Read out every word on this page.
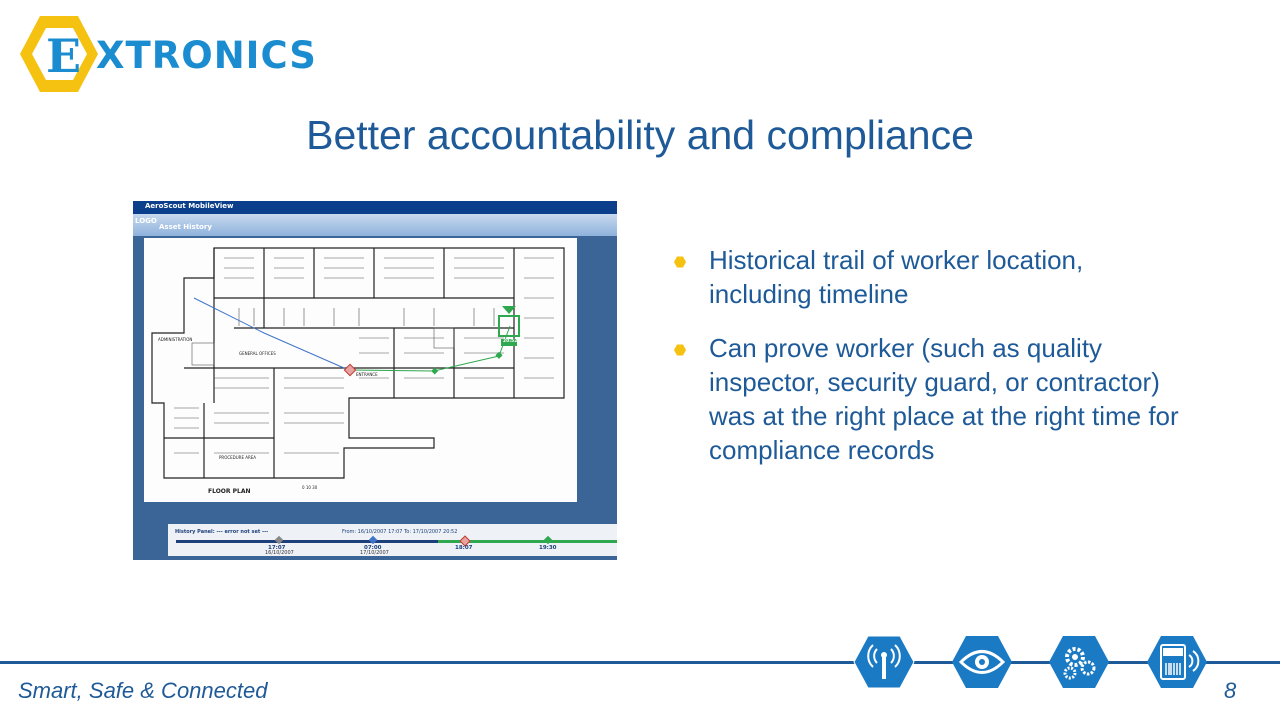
E XTRONICS
Better accountability and compliance
AeroScout MobileView
LOGO
Asset History
ADMINISTRATION
GENERAL OFFICES
PROCEDURE AREA
ENTRANCE
FLOOR PLAN
0 10 30
20:52
History Panel: --- error not set ---	From: 16/10/2007 17:07 To: 17/10/2007 20:52
17:07
16/10/2007
07:00
17/10/2007
18:07	19:30
Historical trail of worker location, including timeline
Can prove worker (such as quality inspector, security guard, or contractor) was at the right place at the right time for compliance records
Smart, Safe & Connected	8
